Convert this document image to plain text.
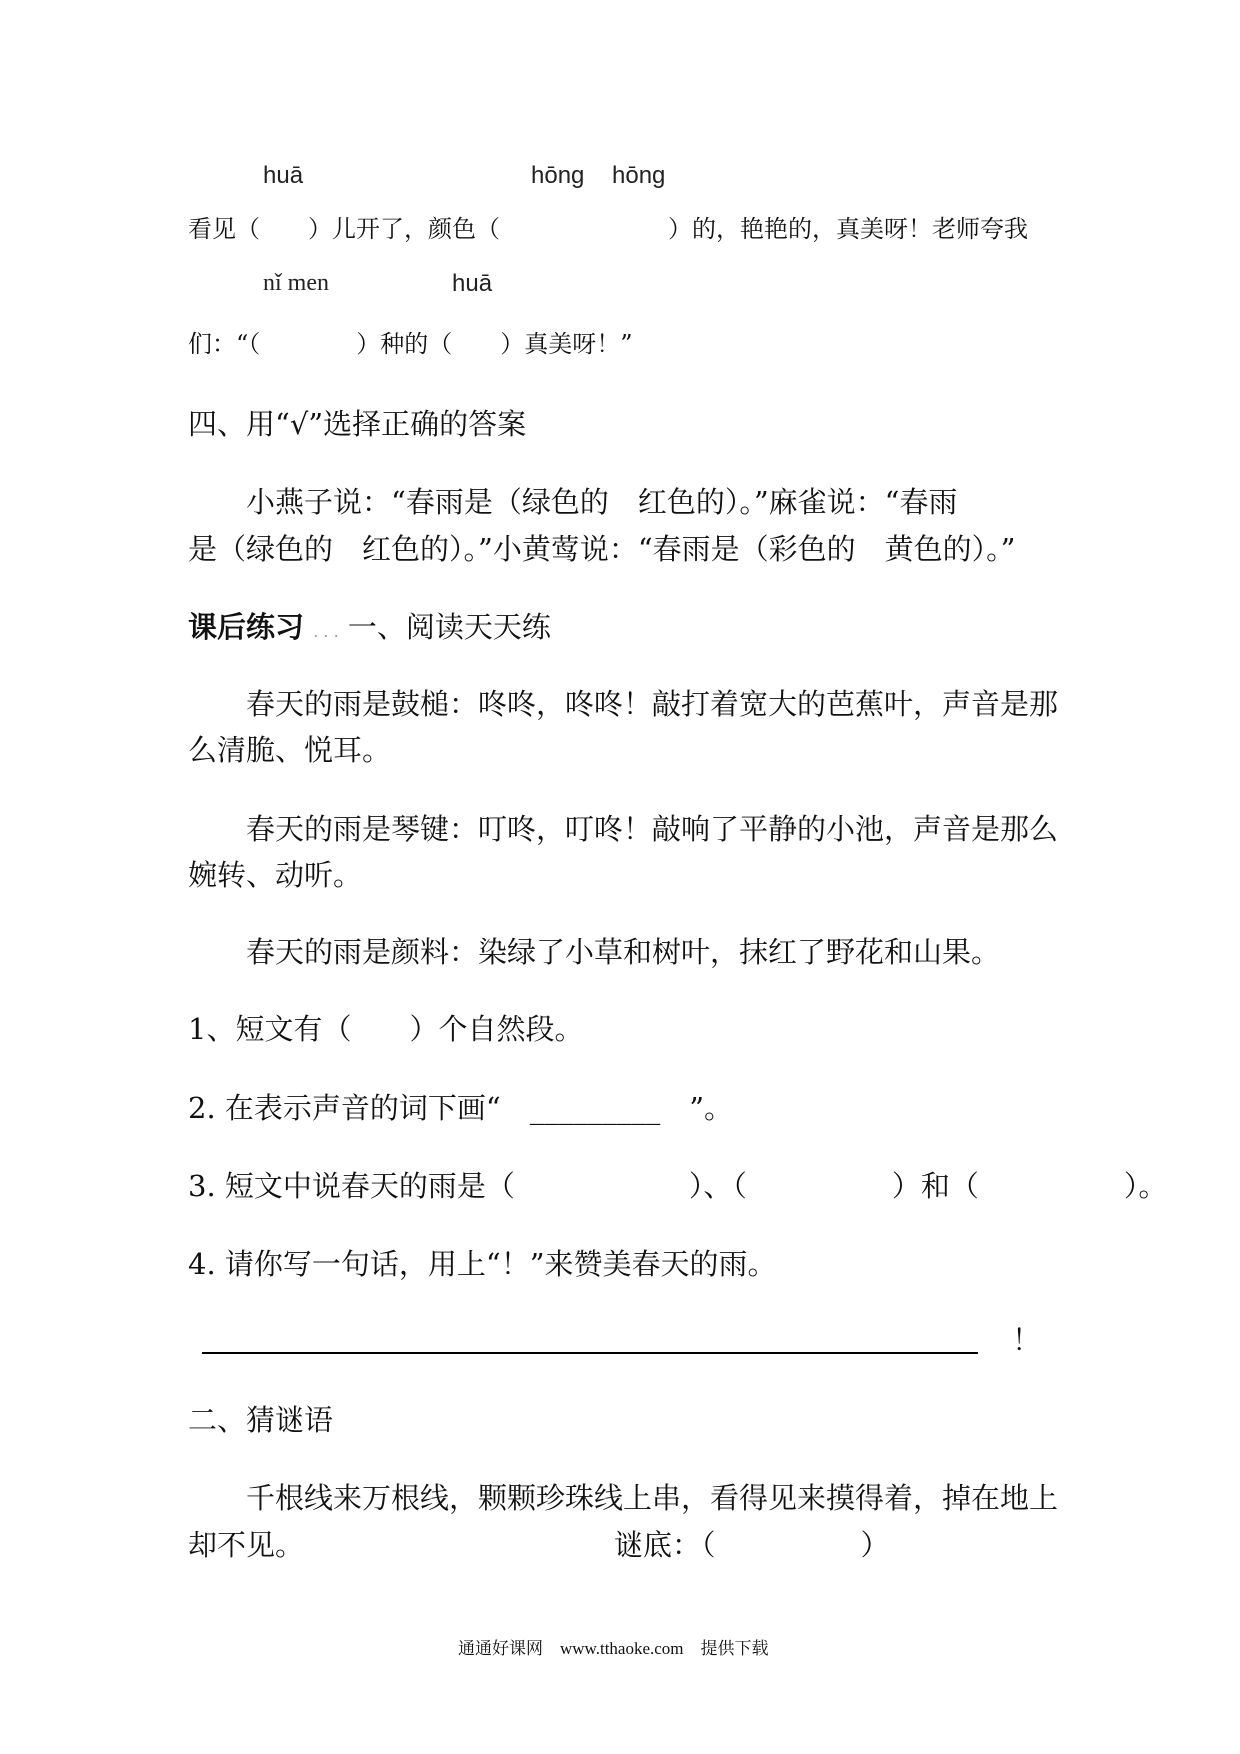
huā	hōng hōng
看见（　　）儿开了，颜色（　　　　　　　）的，艳艳的，真美呀！老师夸我
nǐ men	huā
们：“（　　　　）种的（　　）真美呀！”
四、用“√”选择正确的答案
　　小燕子说：“春雨是（绿色的　红色的）。”麻雀说：“春雨
是（绿色的　红色的）。”小黄莺说：“春雨是（彩色的　黄色的）。”
课后练习 . . . 一、阅读天天练
　　春天的雨是鼓槌：咚咚，咚咚！敲打着宽大的芭蕉叶，声音是那
么清脆、悦耳。
　　春天的雨是琴键：叮咚，叮咚！敲响了平静的小池，声音是那么
婉转、动听。
　　春天的雨是颜料：染绿了小草和树叶，抹红了野花和山果。
1、短文有（　　）个自然段。
2. 在表示声音的词下画“　_________　”。
3. 短文中说春天的雨是（　　　　　　）、（　　　　　）和（　　　　　）。
4. 请你写一句话，用上“！”来赞美春天的雨。
！
二、猜谜语
　　千根线来万根线，颗颗珍珠线上串，看得见来摸得着，掉在地上
却不见。	谜底：（　　　　　）
通通好课网　www.tthaoke.com　提供下载
